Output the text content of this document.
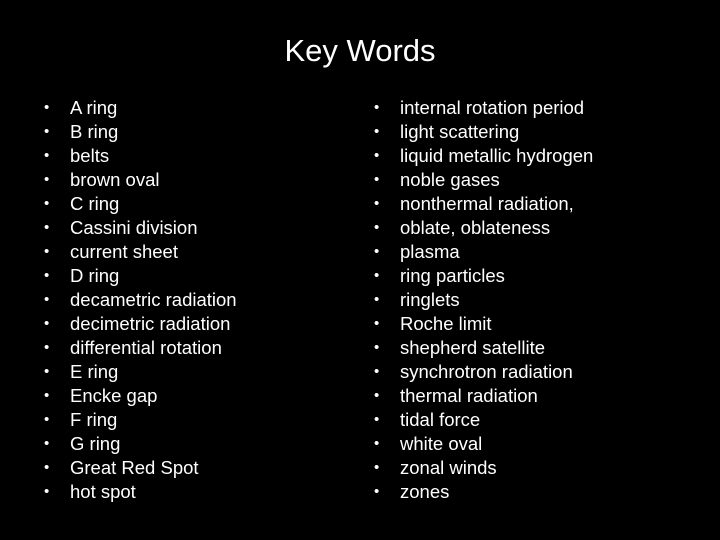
Key Words
• A ring
• B ring
• belts
• brown oval
• C ring
• Cassini division
• current sheet
• D ring
• decametric radiation
• decimetric radiation
• differential rotation
• E ring
• Encke gap
• F ring
• G ring
• Great Red Spot
• hot spot
• internal rotation period
• light scattering
• liquid metallic hydrogen
• noble gases
• nonthermal radiation,
• oblate, oblateness
• plasma
• ring particles
• ringlets
• Roche limit
• shepherd satellite
• synchrotron radiation
• thermal radiation
• tidal force
• white oval
• zonal winds
• zones
